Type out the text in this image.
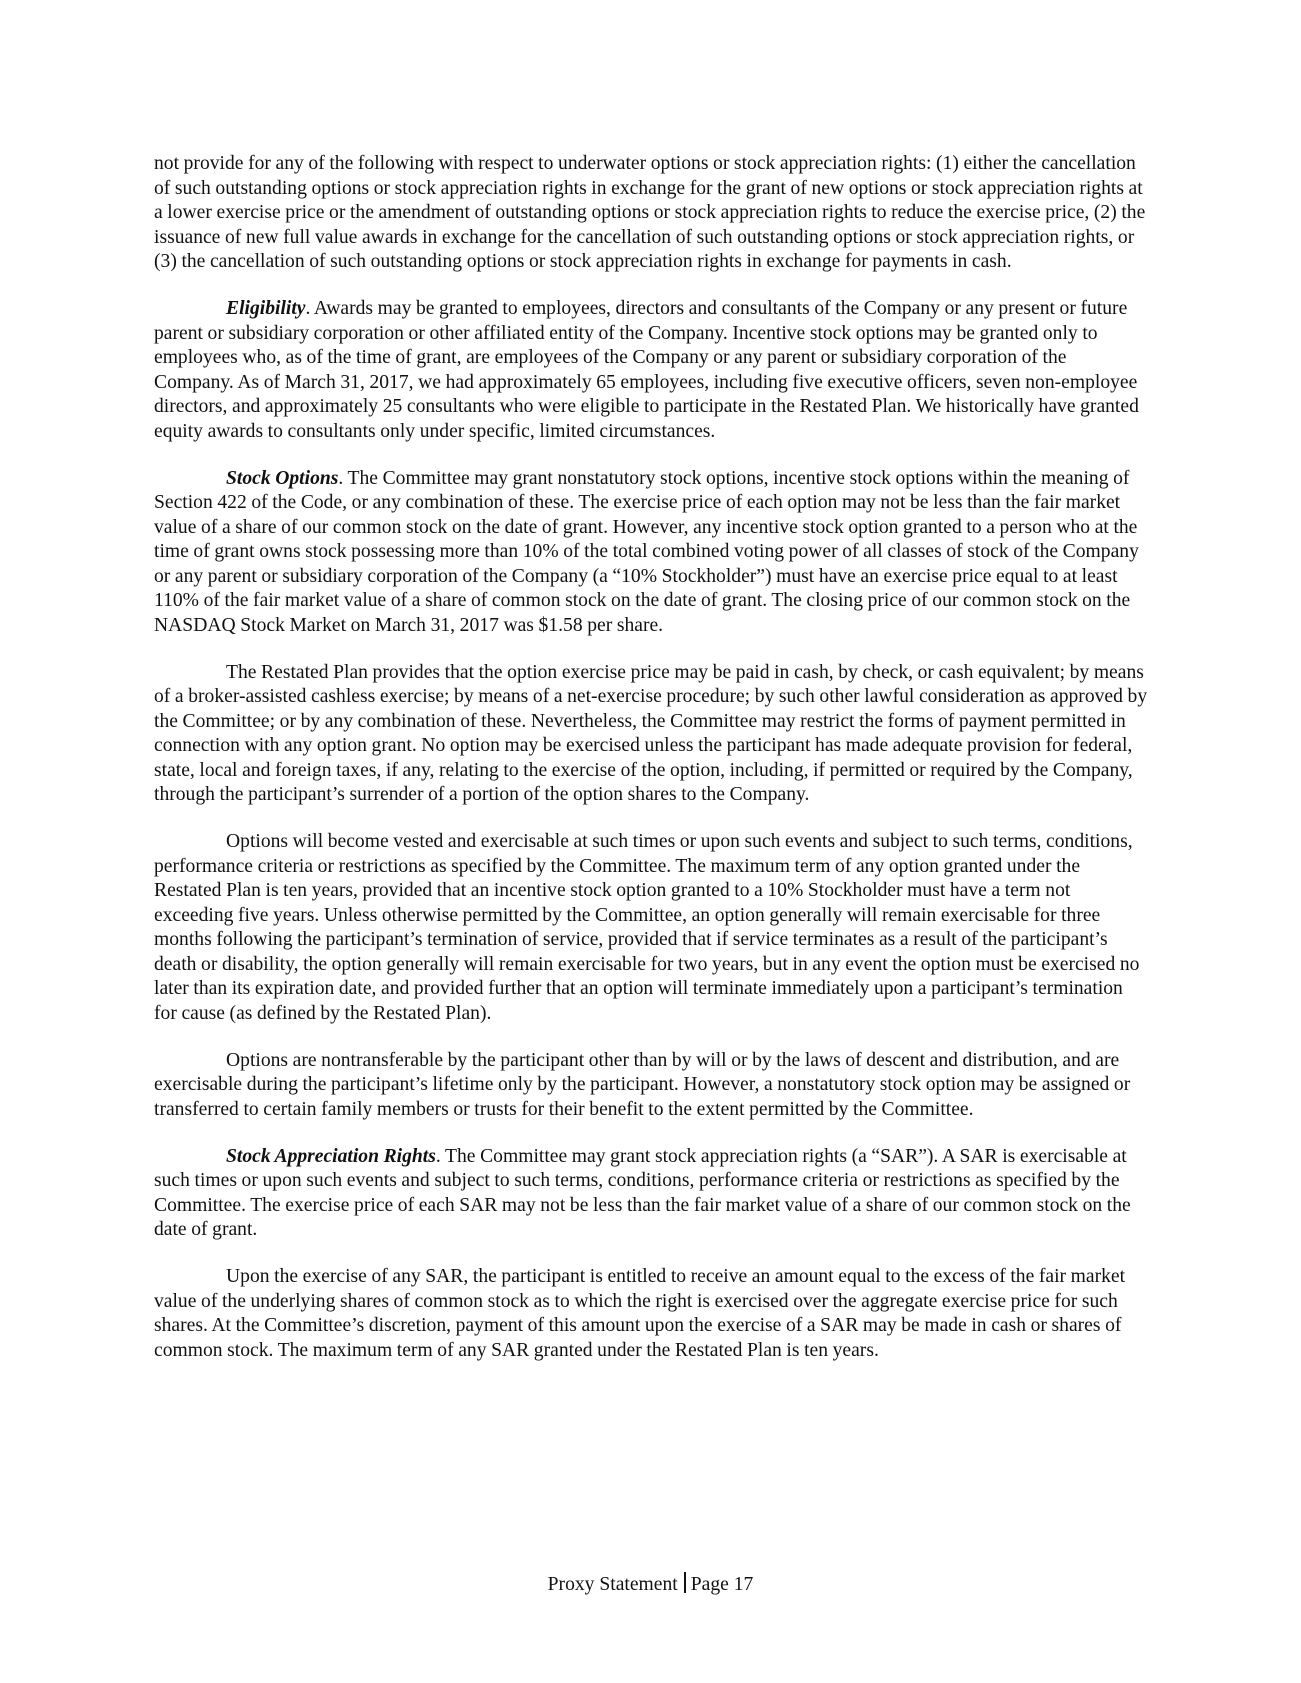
not provide for any of the following with respect to underwater options or stock appreciation rights: (1) either the cancellation of such outstanding options or stock appreciation rights in exchange for the grant of new options or stock appreciation rights at a lower exercise price or the amendment of outstanding options or stock appreciation rights to reduce the exercise price, (2) the issuance of new full value awards in exchange for the cancellation of such outstanding options or stock appreciation rights, or (3) the cancellation of such outstanding options or stock appreciation rights in exchange for payments in cash.

Eligibility. Awards may be granted to employees, directors and consultants of the Company or any present or future parent or subsidiary corporation or other affiliated entity of the Company. Incentive stock options may be granted only to employees who, as of the time of grant, are employees of the Company or any parent or subsidiary corporation of the Company. As of March 31, 2017, we had approximately 65 employees, including five executive officers, seven non-employee directors, and approximately 25 consultants who were eligible to participate in the Restated Plan. We historically have granted equity awards to consultants only under specific, limited circumstances.

Stock Options. The Committee may grant nonstatutory stock options, incentive stock options within the meaning of Section 422 of the Code, or any combination of these. The exercise price of each option may not be less than the fair market value of a share of our common stock on the date of grant. However, any incentive stock option granted to a person who at the time of grant owns stock possessing more than 10% of the total combined voting power of all classes of stock of the Company or any parent or subsidiary corporation of the Company (a “10% Stockholder”) must have an exercise price equal to at least 110% of the fair market value of a share of common stock on the date of grant. The closing price of our common stock on the NASDAQ Stock Market on March 31, 2017 was $1.58 per share.

The Restated Plan provides that the option exercise price may be paid in cash, by check, or cash equivalent; by means of a broker-assisted cashless exercise; by means of a net-exercise procedure; by such other lawful consideration as approved by the Committee; or by any combination of these. Nevertheless, the Committee may restrict the forms of payment permitted in connection with any option grant. No option may be exercised unless the participant has made adequate provision for federal, state, local and foreign taxes, if any, relating to the exercise of the option, including, if permitted or required by the Company, through the participant’s surrender of a portion of the option shares to the Company.

Options will become vested and exercisable at such times or upon such events and subject to such terms, conditions, performance criteria or restrictions as specified by the Committee. The maximum term of any option granted under the Restated Plan is ten years, provided that an incentive stock option granted to a 10% Stockholder must have a term not exceeding five years. Unless otherwise permitted by the Committee, an option generally will remain exercisable for three months following the participant’s termination of service, provided that if service terminates as a result of the participant’s death or disability, the option generally will remain exercisable for two years, but in any event the option must be exercised no later than its expiration date, and provided further that an option will terminate immediately upon a participant’s termination for cause (as defined by the Restated Plan).

Options are nontransferable by the participant other than by will or by the laws of descent and distribution, and are exercisable during the participant’s lifetime only by the participant. However, a nonstatutory stock option may be assigned or transferred to certain family members or trusts for their benefit to the extent permitted by the Committee.

Stock Appreciation Rights. The Committee may grant stock appreciation rights (a “SAR”). A SAR is exercisable at such times or upon such events and subject to such terms, conditions, performance criteria or restrictions as specified by the Committee. The exercise price of each SAR may not be less than the fair market value of a share of our common stock on the date of grant.

Upon the exercise of any SAR, the participant is entitled to receive an amount equal to the excess of the fair market value of the underlying shares of common stock as to which the right is exercised over the aggregate exercise price for such shares. At the Committee’s discretion, payment of this amount upon the exercise of a SAR may be made in cash or shares of common stock. The maximum term of any SAR granted under the Restated Plan is ten years.

Proxy Statement Page 17
